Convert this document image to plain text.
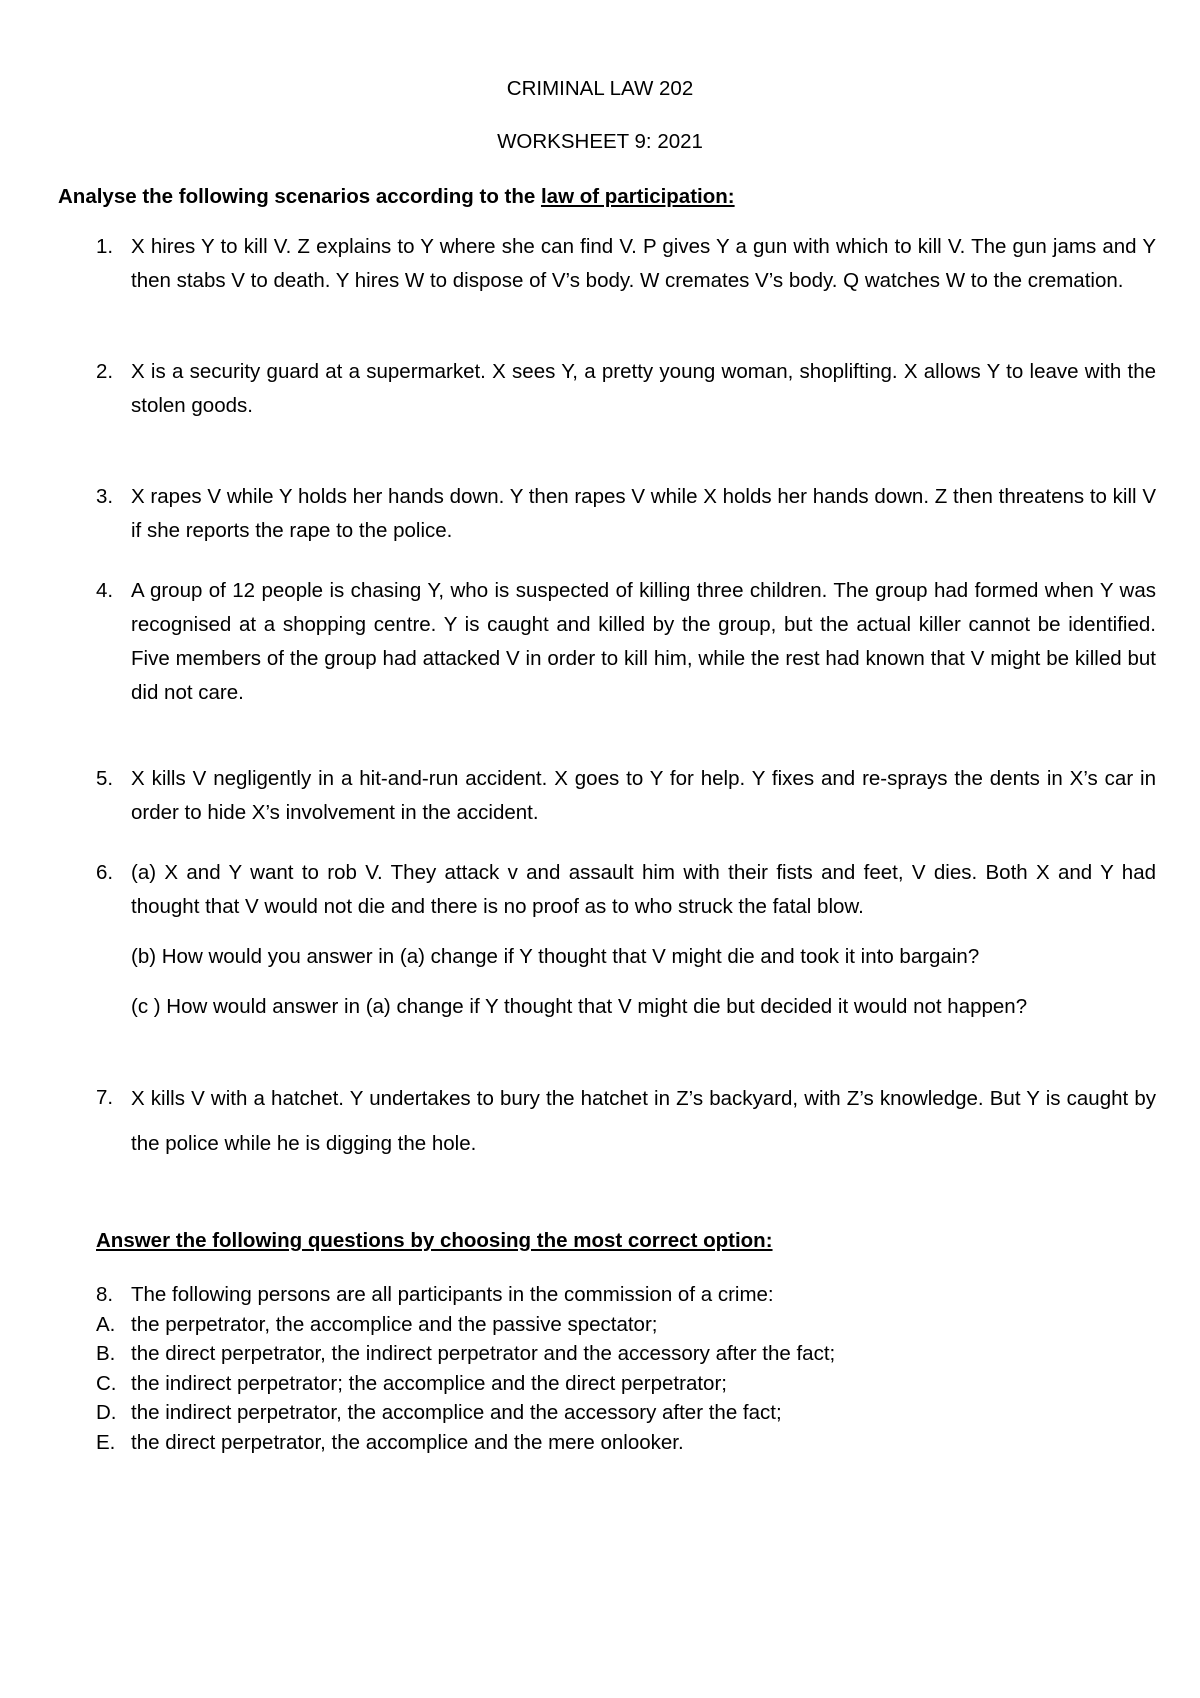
CRIMINAL LAW 202
WORKSHEET 9: 2021
Analyse the following scenarios according to the law of participation:
1. X hires Y to kill V. Z explains to Y where she can find V. P gives Y a gun with which to kill V. The gun jams and Y then stabs V to death. Y hires W to dispose of V’s body. W cremates V’s body. Q watches W to the cremation.

2. X is a security guard at a supermarket. X sees Y, a pretty young woman, shoplifting. X allows Y to leave with the stolen goods.

3. X rapes V while Y holds her hands down. Y then rapes V while X holds her hands down. Z then threatens to kill V if she reports the rape to the police.

4. A group of 12 people is chasing Y, who is suspected of killing three children. The group had formed when Y was recognised at a shopping centre. Y is caught and killed by the group, but the actual killer cannot be identified. Five members of the group had attacked V in order to kill him, while the rest had known that V might be killed but did not care.

5. X kills V negligently in a hit-and-run accident. X goes to Y for help. Y fixes and re-sprays the dents in X’s car in order to hide X’s involvement in the accident.

6. (a) X and Y want to rob V. They attack v and assault him with their fists and feet, V dies. Both X and Y had thought that V would not die and there is no proof as to who struck the fatal blow.

(b) How would you answer in (a) change if Y thought that V might die and took it into bargain?

(c ) How would answer in (a) change if Y thought that V might die but decided it would not happen?

7. X kills V with a hatchet. Y undertakes to bury the hatchet in Z’s backyard, with Z’s knowledge. But Y is caught by the police while he is digging the hole.

Answer the following questions by choosing the most correct option:
8. The following persons are all participants in the commission of a crime:
A. the perpetrator, the accomplice and the passive spectator;
B. the direct perpetrator, the indirect perpetrator and the accessory after the fact;
C. the indirect perpetrator; the accomplice and the direct perpetrator;
D. the indirect perpetrator, the accomplice and the accessory after the fact;
E. the direct perpetrator, the accomplice and the mere onlooker.
